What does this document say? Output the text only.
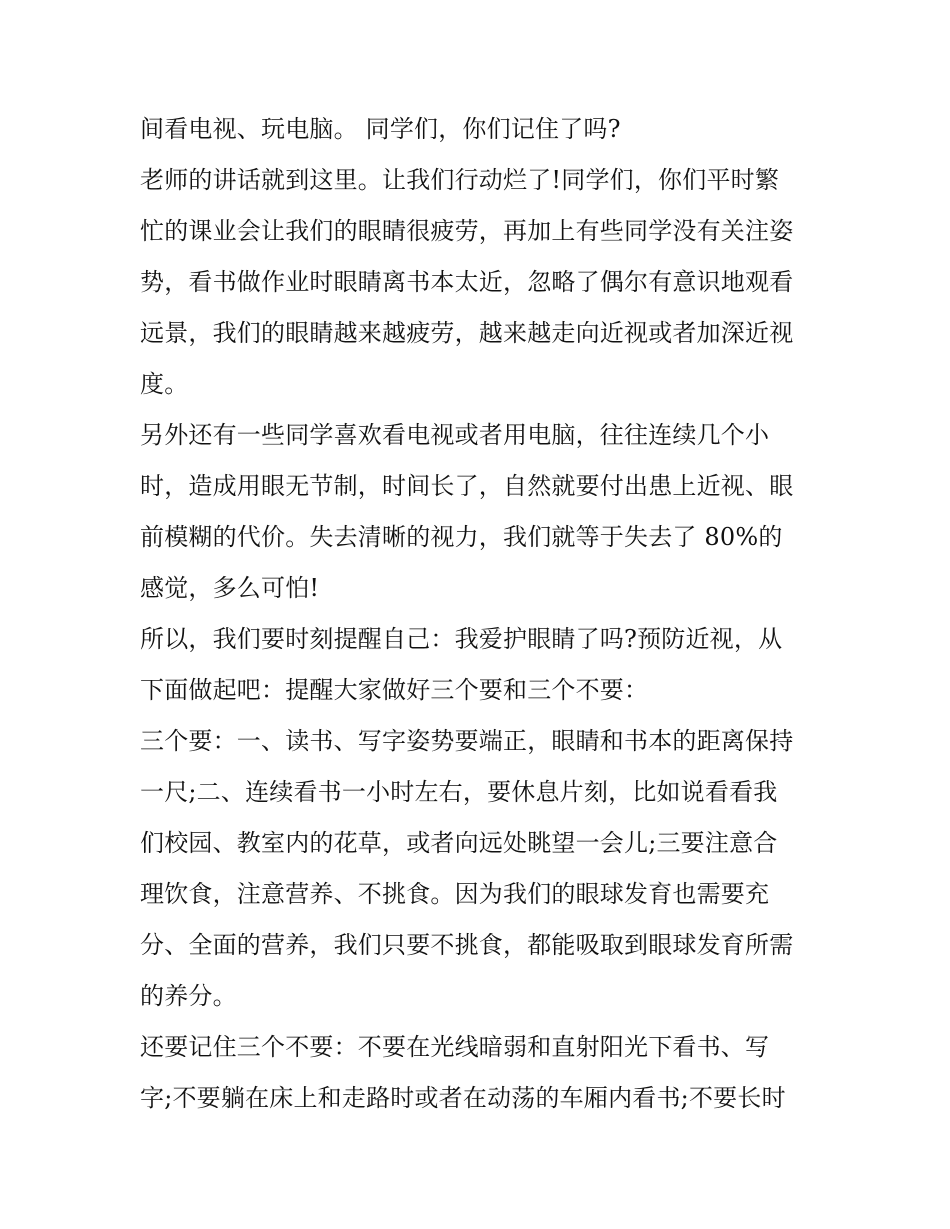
间看电视、玩电脑。 同学们，你们记住了吗?
老师的讲话就到这里。让我们行动烂了!同学们，你们平时繁
忙的课业会让我们的眼睛很疲劳，再加上有些同学没有关注姿
势，看书做作业时眼睛离书本太近，忽略了偶尔有意识地观看
远景，我们的眼睛越来越疲劳，越来越走向近视或者加深近视
度。
另外还有一些同学喜欢看电视或者用电脑，往往连续几个小
时，造成用眼无节制，时间长了，自然就要付出患上近视、眼
前模糊的代价。失去清晰的视力，我们就等于失去了 80%的
感觉，多么可怕!
所以，我们要时刻提醒自己：我爱护眼睛了吗?预防近视，从
下面做起吧：提醒大家做好三个要和三个不要：
三个要：一、读书、写字姿势要端正，眼睛和书本的距离保持
一尺;二、连续看书一小时左右，要休息片刻，比如说看看我
们校园、教室内的花草，或者向远处眺望一会儿;三要注意合
理饮食，注意营养、不挑食。因为我们的眼球发育也需要充
分、全面的营养，我们只要不挑食，都能吸取到眼球发育所需
的养分。
还要记住三个不要：不要在光线暗弱和直射阳光下看书、写
字;不要躺在床上和走路时或者在动荡的车厢内看书;不要长时
